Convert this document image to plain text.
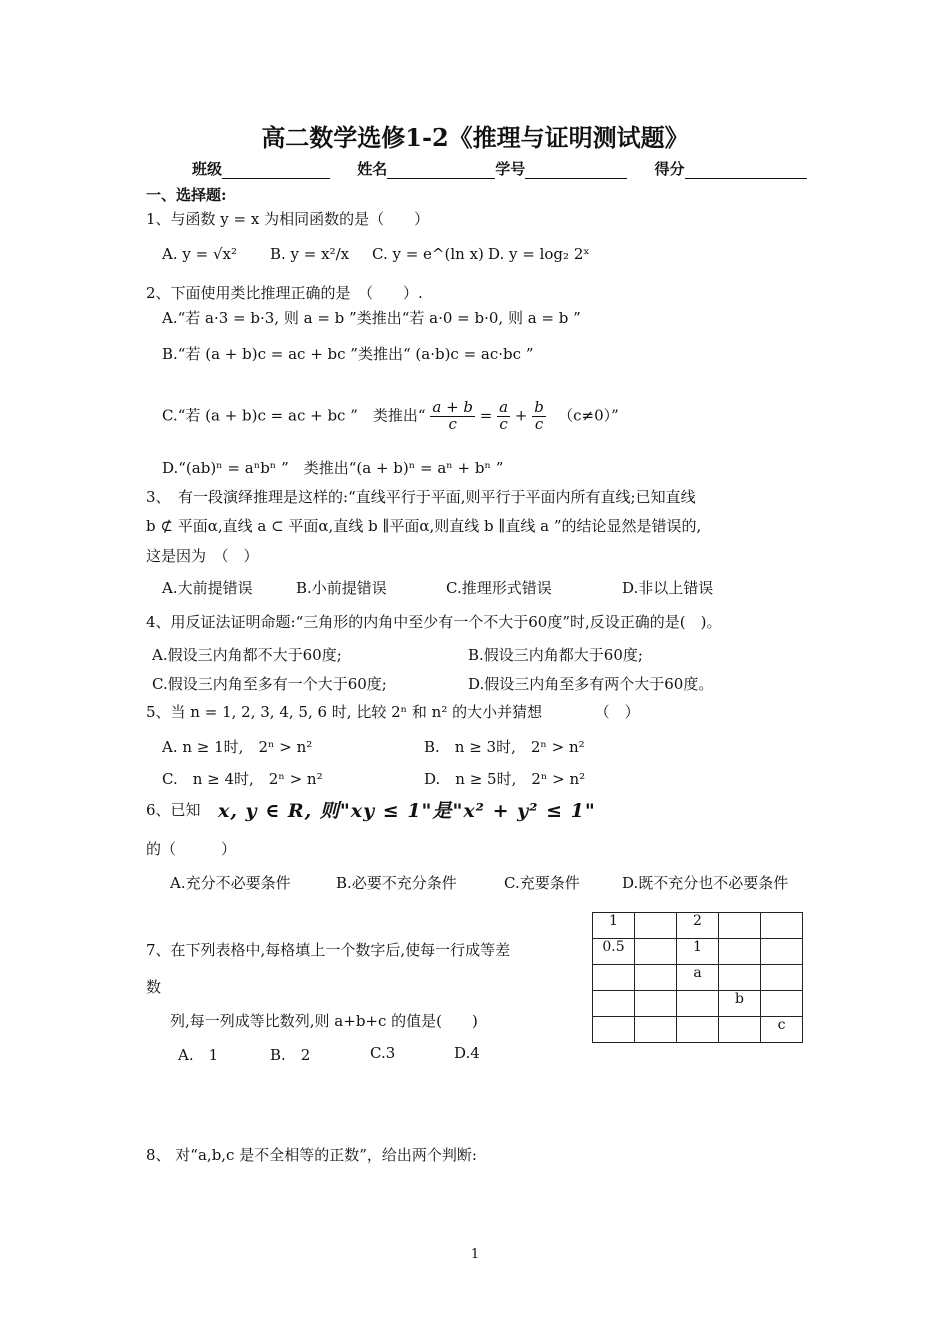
高二数学选修1-2《推理与证明测试题》
班级	姓名	学号	得分
一、选择题:
1、与函数 y = x 为相同函数的是（　　）
A. y = √x² B. y = x²/x C. y = e^(ln x) D. y = log₂ 2ˣ
2、下面使用类比推理正确的是　（　　）.
A.“若 a·3 = b·3, 则 a = b ”类推出“若 a·0 = b·0, 则 a = b ”
B.“若 (a + b)c = ac + bc ”类推出“ (a·b)c = ac·bc ”
C.“若 (a + b)c = ac + bc ”　类推出“ $\frac{a + b}{c} = \frac{a}{c} + \frac{b}{c}$ 　（c≠0）”
D.“(ab)ⁿ = aⁿbⁿ ”　类推出“(a + b)ⁿ = aⁿ + bⁿ ”
3、　有一段演绎推理是这样的:“直线平行于平面,则平行于平面内所有直线;已知直线
b ⊄ 平面α,直线 a ⊂ 平面α,直线 b ∥平面α,则直线 b ∥直线 a ”的结论显然是错误的,
这是因为　（　）
A.大前提错误	B.小前提错误	C.推理形式错误	D.非以上错误
4、用反证法证明命题:“三角形的内角中至少有一个不大于60度”时,反设正确的是(　)。
A.假设三内角都不大于60度;	B.假设三内角都大于60度;
C.假设三内角至多有一个大于60度;	D.假设三内角至多有两个大于60度。
5、当 n = 1, 2, 3, 4, 5, 6 时, 比较 2ⁿ 和 n² 的大小并猜想　　　　（　）
A. n ≥ 1时,　2ⁿ > n²	B.　n ≥ 3时,　2ⁿ > n²
C.　n ≥ 4时,　2ⁿ > n²	D.　n ≥ 5时,　2ⁿ > n²
6、已知 x, y ∈ R, 则"xy ≤ 1"是"x² + y² ≤ 1"
的（　　　）
A.充分不必要条件	B.必要不充分条件	C.充要条件	D.既不充分也不必要条件
7、在下列表格中,每格填上一个数字后,使每一行成等差
数
列,每一列成等比数列,则 a+b+c 的值是(　　)
A.　1	B.　2	C.3	D.4
1		2		
0.5		1		
		a		
			b	
				c
8、 对“a,b,c 是不全相等的正数”，给出两个判断:
1
